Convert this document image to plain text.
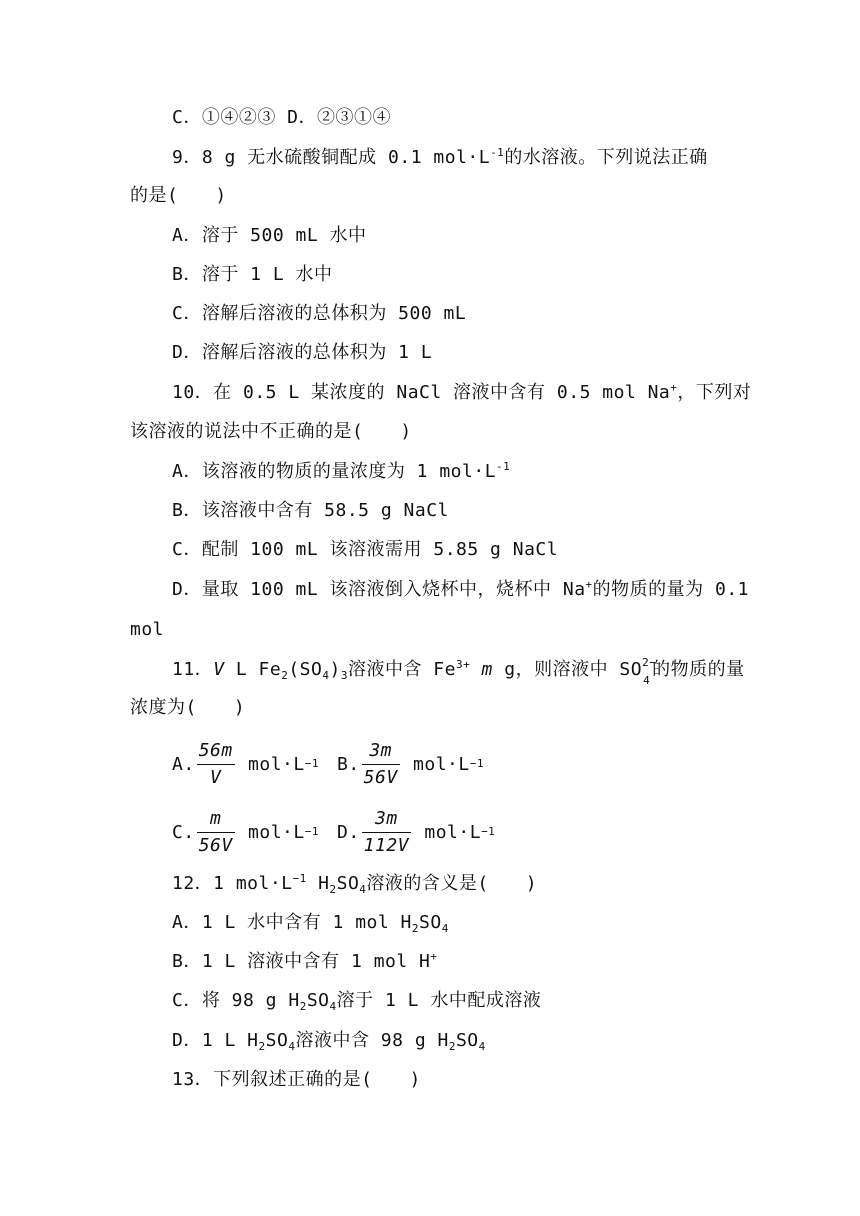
C．①④②③ D．②③①④
9．8 g 无水硫酸铜配成 0.1 $mol\cdot L^{-1}$的水溶液。下列说法正确
的是(　　)
A．溶于 500 mL 水中
B．溶于 1 L 水中
C．溶解后溶液的总体积为 500 mL
D．溶解后溶液的总体积为 1 L
10．在 0.5 L 某浓度的 NaCl 溶液中含有 0.5 mol Na+，下列对
该溶液的说法中不正确的是(　　)
A．该溶液的物质的量浓度为 1 $mol\cdot L^{-1}$
B．该溶液中含有 58.5 g NaCl
C．配制 100 mL 该溶液需用 5.85 g NaCl
D．量取 100 mL 该溶液倒入烧杯中，烧杯中 Na+的物质的量为 0.1
mol
11．V L $Fe_2(SO_4)_3$溶液中含 $Fe^{3+}$ m g，则溶液中 SO 2−
4
的物质的量
浓度为(　　)
A. $\frac{56m}{V}$
mol·L −1 B. $\frac{3m}{56V}$
mol·L −1
C. $\frac{m}{56V}$
mol·L −1 D. $\frac{3m}{112V}$
mol·L −1
12．1 $mol\cdot L^{-1}$ $H_2SO_4$溶液的含义是(　　)
A．1 L 水中含有 1 mol $H_2SO_4$
B．1 L 溶液中含有 1 mol H+
C．将 98 g $H_2SO_4$溶于 1 L 水中配成溶液
D．1 L $H_2SO_4$溶液中含 98 g $H_2SO_4$
13．下列叙述正确的是(　　)
